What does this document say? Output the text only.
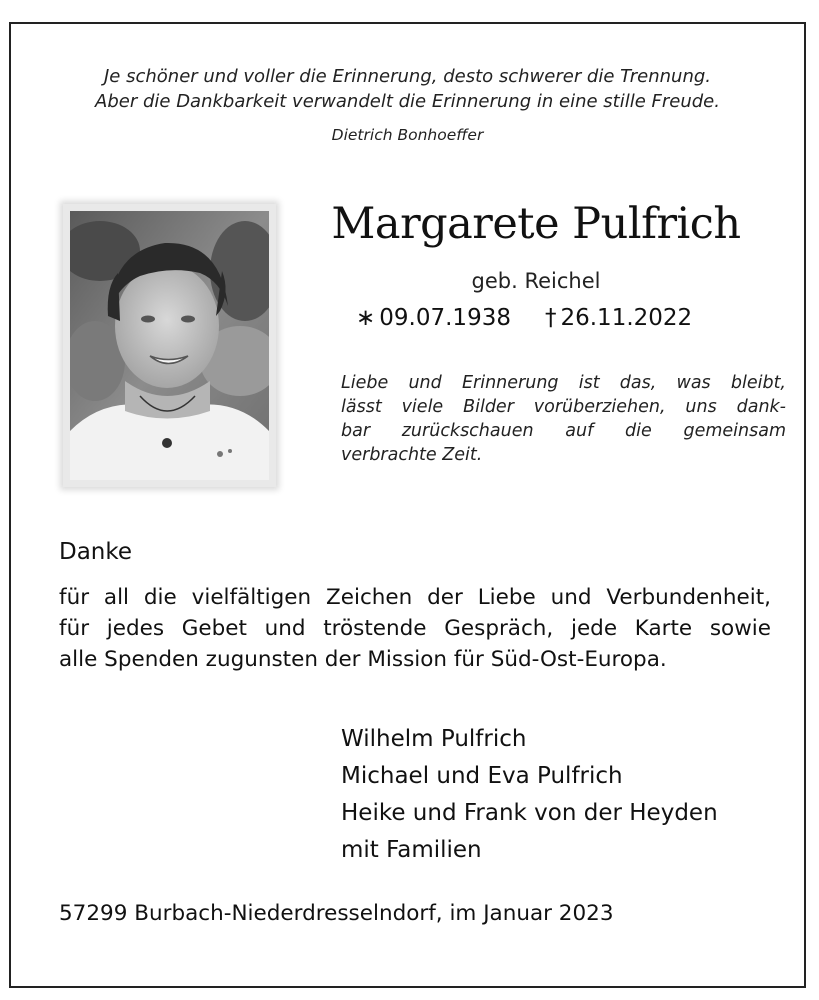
Je schöner und voller die Erinnerung, desto schwerer die Trennung.
Aber die Dankbarkeit verwandelt die Erinnerung in eine stille Freude.
Dietrich Bonhoeffer
Margarete Pulfrich
geb. Reichel
∗ 09.07.1938 † 26.11.2022
Liebe und Erinnerung ist das, was bleibt,
lässt viele Bilder vorüberziehen, uns dank-
bar zurückschauen auf die gemeinsam
verbrachte Zeit.
Danke
für all die vielfältigen Zeichen der Liebe und Verbundenheit,
für jedes Gebet und tröstende Gespräch, jede Karte sowie
alle Spenden zugunsten der Mission für Süd-Ost-Europa.
Wilhelm Pulfrich
Michael und Eva Pulfrich
Heike und Frank von der Heyden
mit Familien
57299 Burbach-Niederdresselndorf, im Januar 2023
